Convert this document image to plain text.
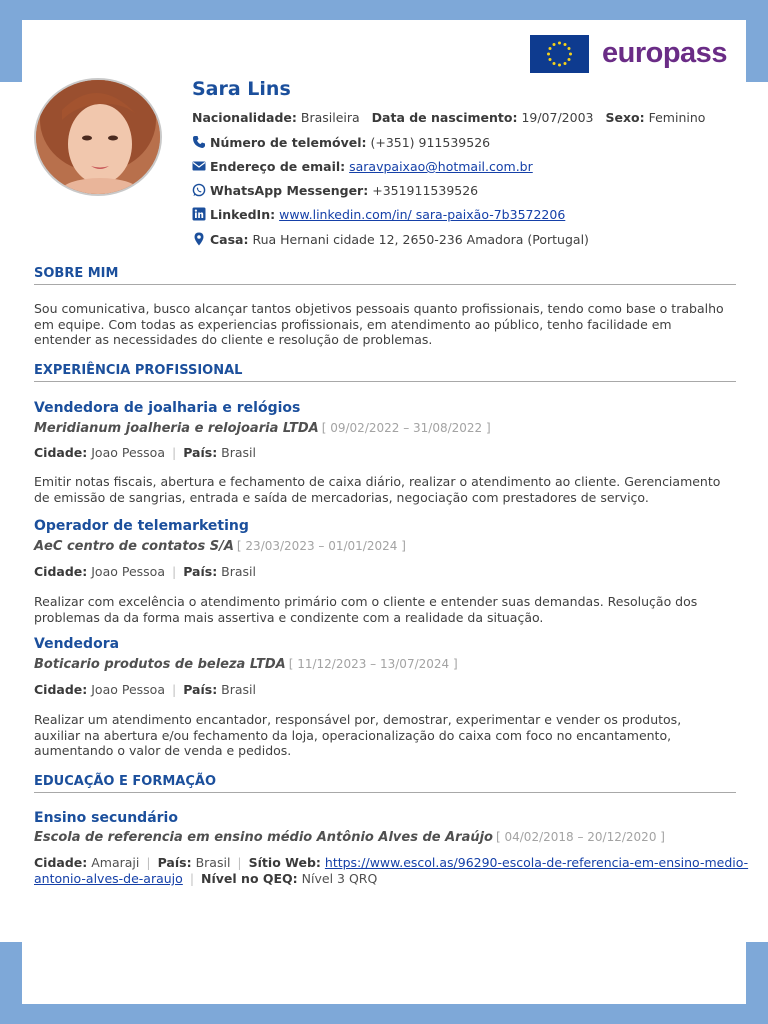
europass
Sara Lins
Nacionalidade: Brasileira Data de nascimento: 19/07/2003 Sexo: Feminino
Número de telemóvel: (+351) 911539526
Endereço de email: saravpaixao@hotmail.com.br
WhatsApp Messenger: +351911539526
LinkedIn: www.linkedin.com/in/ sara-paixão-7b3572206
Casa: Rua Hernani cidade 12, 2650-236 Amadora (Portugal)
SOBRE MIM
Sou comunicativa, busco alcançar tantos objetivos pessoais quanto profissionais, tendo como base o trabalho em equipe. Com todas as experiencias profissionais, em atendimento ao público, tenho facilidade em entender as necessidades do cliente e resolução de problemas.
EXPERIÊNCIA PROFISSIONAL
Vendedora de joalharia e relógios
Meridianum joalheria e relojoaria LTDA [ 09/02/2022 – 31/08/2022 ]
Cidade: Joao Pessoa | País: Brasil
Emitir notas fiscais, abertura e fechamento de caixa diário, realizar o atendimento ao cliente. Gerenciamento de emissão de sangrias, entrada e saída de mercadorias, negociação com prestadores de serviço.
Operador de telemarketing
AeC centro de contatos S/A [ 23/03/2023 – 01/01/2024 ]
Cidade: Joao Pessoa | País: Brasil
Realizar com excelência o atendimento primário com o cliente e entender suas demandas. Resolução dos problemas da da forma mais assertiva e condizente com a realidade da situação.
Vendedora
Boticario produtos de beleza LTDA [ 11/12/2023 – 13/07/2024 ]
Cidade: Joao Pessoa | País: Brasil
Realizar um atendimento encantador, responsável por, demostrar, experimentar e vender os produtos, auxiliar na abertura e/ou fechamento da loja, operacionalização do caixa com foco no encantamento, aumentando o valor de venda e pedidos.
EDUCAÇÃO E FORMAÇÃO
Ensino secundário
Escola de referencia em ensino médio Antônio Alves de Araújo [ 04/02/2018 – 20/12/2020 ]
Cidade: Amaraji | País: Brasil | Sítio Web: https://www.escol.as/96290-escola-de-referencia-em-ensino-medio-
antonio-alves-de-araujo | Nível no QEQ: Nível 3 QRQ
